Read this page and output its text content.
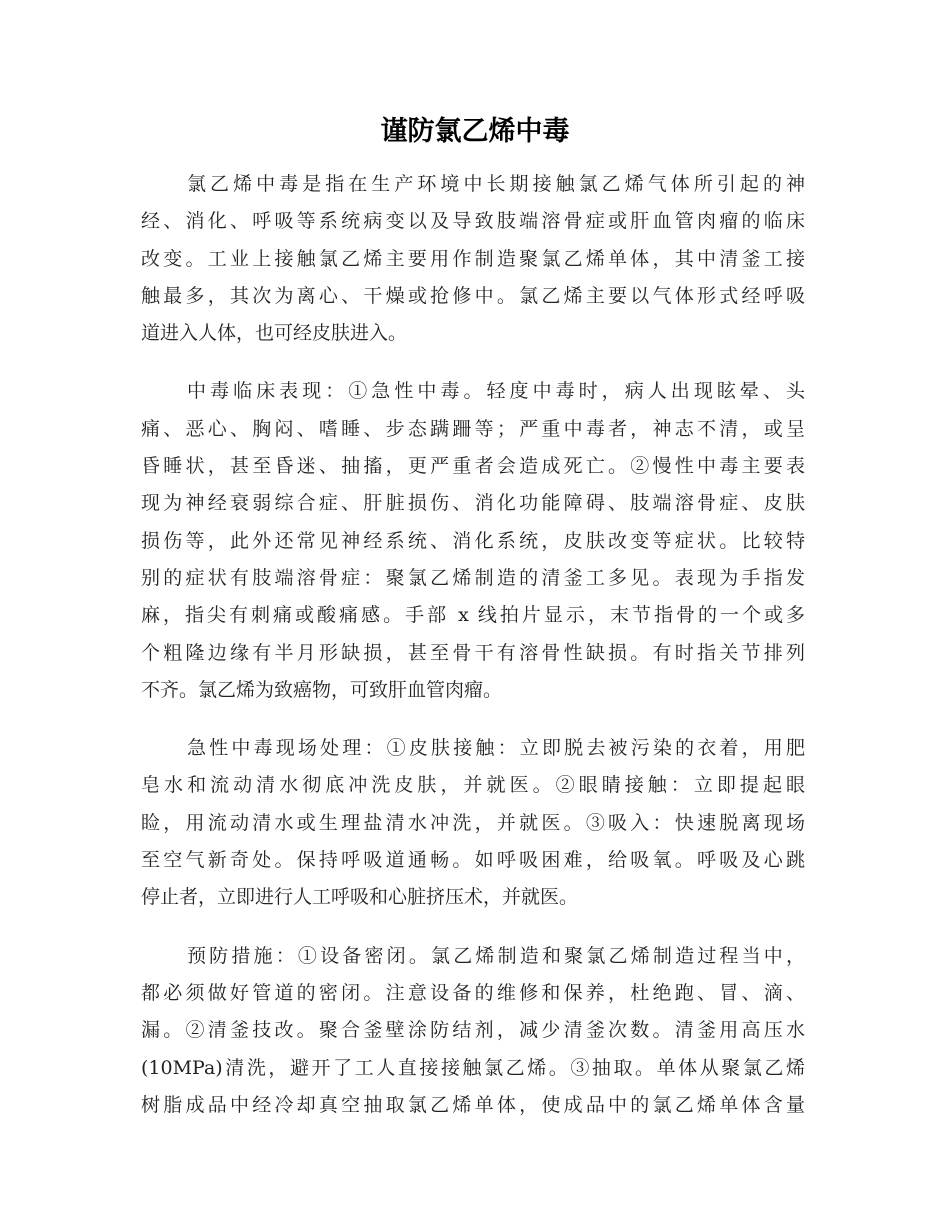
谨防氯乙烯中毒

氯乙烯中毒是指在生产环境中长期接触氯乙烯气体所引起的神
经、消化、呼吸等系统病变以及导致肢端溶骨症或肝血管肉瘤的临床
改变。工业上接触氯乙烯主要用作制造聚氯乙烯单体，其中清釜工接
触最多，其次为离心、干燥或抢修中。氯乙烯主要以气体形式经呼吸
道进入人体，也可经皮肤进入。

中毒临床表现：①急性中毒。轻度中毒时，病人出现眩晕、头
痛、恶心、胸闷、嗜睡、步态蹒跚等；严重中毒者，神志不清，或呈
昏睡状，甚至昏迷、抽搐，更严重者会造成死亡。②慢性中毒主要表
现为神经衰弱综合症、肝脏损伤、消化功能障碍、肢端溶骨症、皮肤
损伤等，此外还常见神经系统、消化系统，皮肤改变等症状。比较特
别的症状有肢端溶骨症：聚氯乙烯制造的清釜工多见。表现为手指发
麻，指尖有刺痛或酸痛感。手部 x 线拍片显示，末节指骨的一个或多
个粗隆边缘有半月形缺损，甚至骨干有溶骨性缺损。有时指关节排列
不齐。氯乙烯为致癌物，可致肝血管肉瘤。

急性中毒现场处理：①皮肤接触：立即脱去被污染的衣着，用肥
皂水和流动清水彻底冲洗皮肤，并就医。②眼睛接触：立即提起眼
睑，用流动清水或生理盐清水冲洗，并就医。③吸入：快速脱离现场
至空气新奇处。保持呼吸道通畅。如呼吸困难，给吸氧。呼吸及心跳
停止者，立即进行人工呼吸和心脏挤压术，并就医。

预防措施：①设备密闭。氯乙烯制造和聚氯乙烯制造过程当中，
都必须做好管道的密闭。注意设备的维修和保养，杜绝跑、冒、滴、
漏。②清釜技改。聚合釜壁涂防结剂，减少清釜次数。清釜用高压水
(10MPa)清洗，避开了工人直接接触氯乙烯。③抽取。单体从聚氯乙烯
树脂成品中经冷却真空抽取氯乙烯单体，使成品中的氯乙烯单体含量
